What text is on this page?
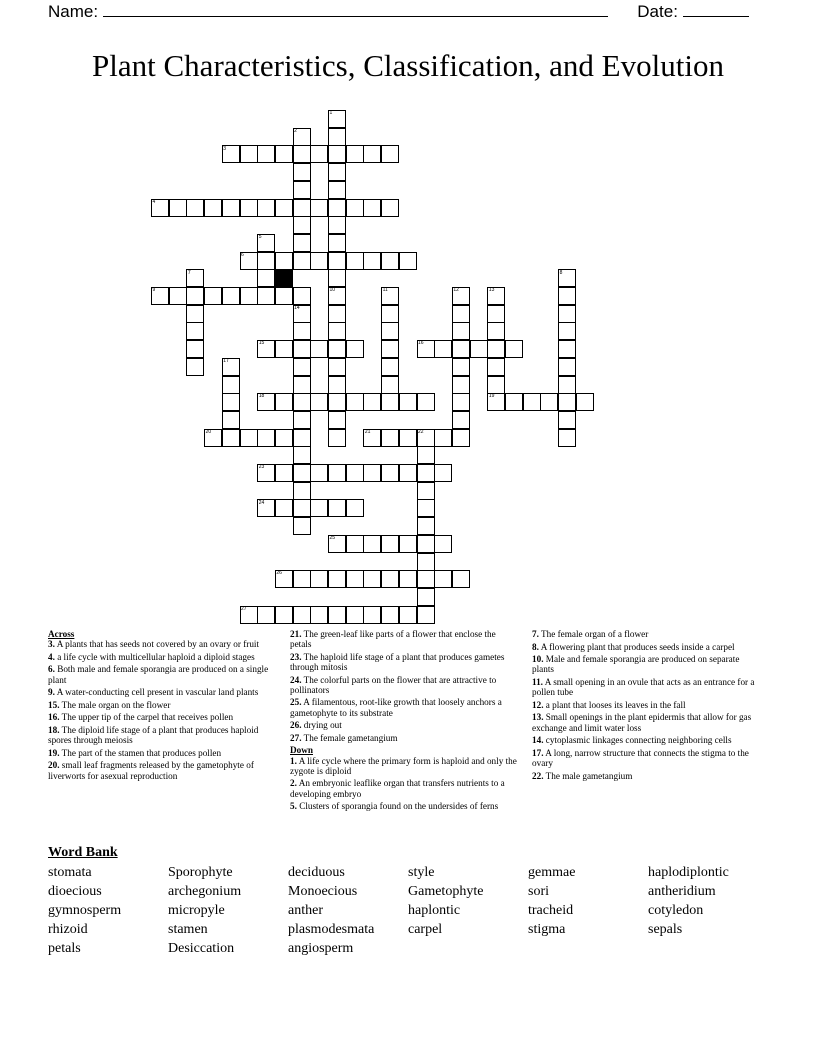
Name:	Date:
Plant Characteristics, Classification, and Evolution
3
4
6
9
15	16
18	19
20	21
23
24
25
26
27
1
2
5
7	8
10	11	12	13
14
17
22
Across
3. A plants that has seeds not covered by an ovary or fruit
4. a life cycle with multicellular haploid a diploid stages
6. Both male and female sporangia are produced on a single plant
9. A water-conducting cell present in vascular land plants
15. The male organ on the flower
16. The upper tip of the carpel that receives pollen
18. The diploid life stage of a plant that produces haploid spores through meiosis
19. The part of the stamen that produces pollen
20. small leaf fragments released by the gametophyte of liverworts for asexual reproduction
21. The green-leaf like parts of a flower that enclose the petals
23. The haploid life stage of a plant that produces gametes through mitosis
24. The colorful parts on the flower that are attractive to pollinators
25. A filamentous, root-like growth that loosely anchors a gametophyte to its substrate
26. drying out
27. The female gametangium
Down
1. A life cycle where the primary form is haploid and only the zygote is diploid
2. An embryonic leaflike organ that transfers nutrients to a developing embryo
5. Clusters of sporangia found on the undersides of ferns
7. The female organ of a flower
8. A flowering plant that produces seeds inside a carpel
10. Male and female sporangia are produced on separate plants
11. A small opening in an ovule that acts as an entrance for a pollen tube
12. a plant that looses its leaves in the fall
13. Small openings in the plant epidermis that allow for gas exchange and limit water loss
14. cytoplasmic linkages connecting neighboring cells
17. A long, narrow structure that connects the stigma to the ovary
22. The male gametangium
Word Bank
stomata	Sporophyte	deciduous	style	gemmae	haplodiplontic
dioecious	archegonium	Monoecious	Gametophyte	sori	antheridium
gymnosperm	micropyle	anther	haplontic	tracheid	cotyledon
rhizoid	stamen	plasmodesmata carpel	stigma	sepals
petals	Desiccation	angiosperm
